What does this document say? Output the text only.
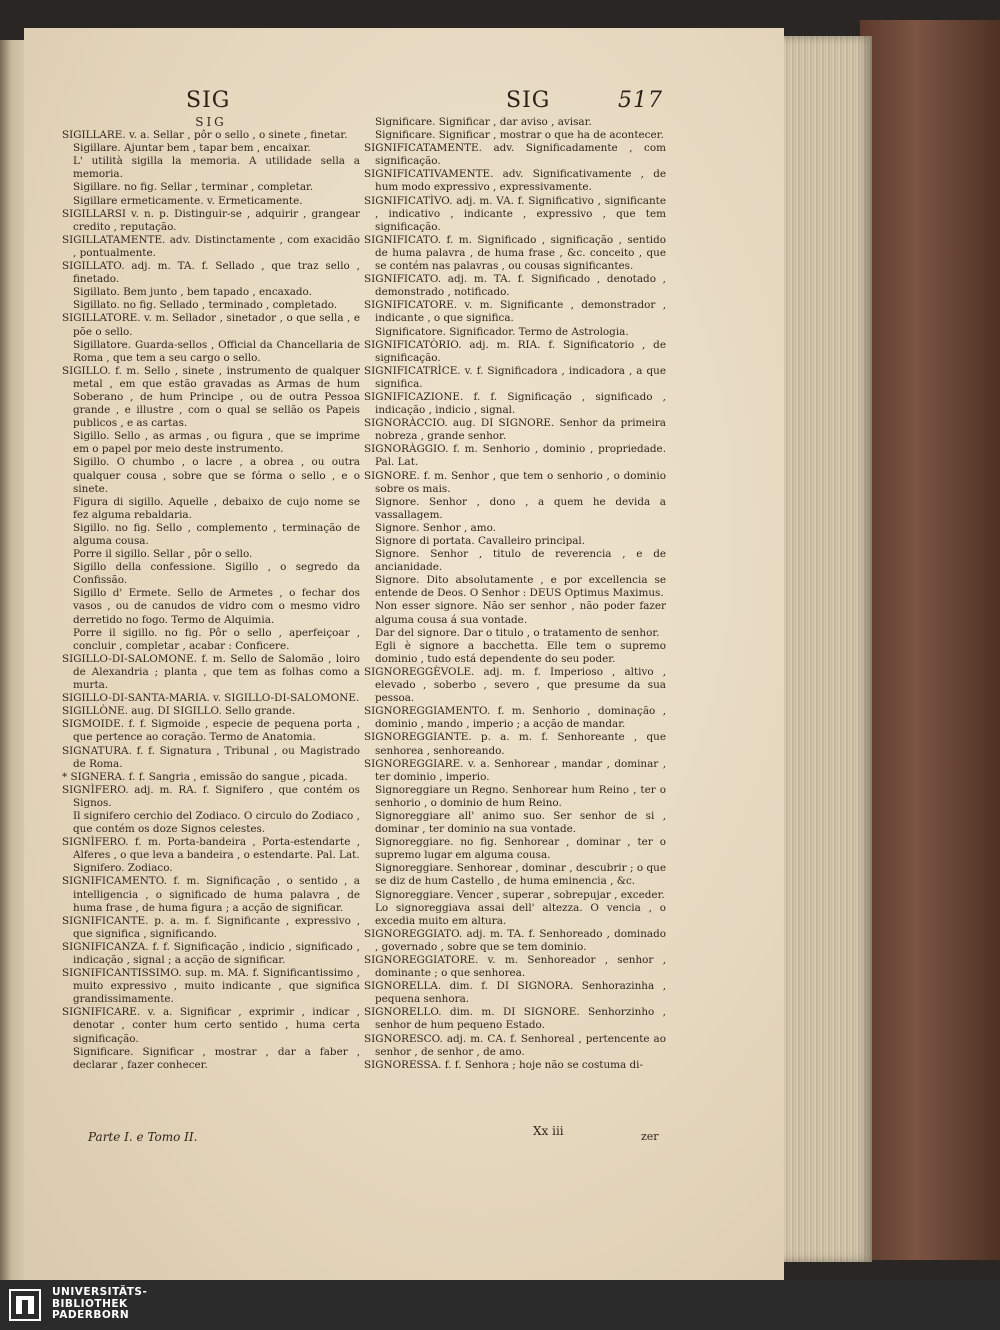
SIG	SIG	517
SIG

SIGILLARE. v. a. Sellar , pôr o sello , o sinete , finetar.

Sigillare. Ajuntar bem , tapar bem , encaixar.

L' utilità sigilla la memoria. A utilidade sella a memoria.

Sigillare. no fig. Sellar , terminar , completar.

Sigillare ermeticamente. v. Ermeticamente.

SIGILLARSI v. n. p. Distinguir-se , adquirir , grangear credito , reputação.

SIGILLATAMENTE. adv. Distinctamente , com exacidão , pontualmente.

SIGILLATO. adj. m. TA. f. Sellado , que traz sello , finetado.

Sigillato. Bem junto , bem tapado , encaxado.

Sigillato. no fig. Sellado , terminado , completado.

SIGILLATORE. v. m. Sellador , sinetador , o que sella , e põe o sello.

Sigillatore. Guarda-sellos , Official da Chancellaria de Roma , que tem a seu cargo o sello.

SIGILLO. f. m. Sello , sinete , instrumento de qualquer metal , em que estão gravadas as Armas de hum Soberano , de hum Principe , ou de outra Pessoa grande , e illustre , com o qual se sellão os Papeis publicos , e as cartas.

Sigillo. Sello , as armas , ou figura , que se imprime em o papel por meio deste instrumento.

Sigillo. O chumbo , o lacre , a obrea , ou outra qualquer cousa , sobre que se fórma o sello , e o sinete.

Figura di sigillo. Aquelle , debaixo de cujo nome se fez alguma rebaldaria.

Sigillo. no fig. Sello , complemento , terminação de alguma cousa.

Porre il sigillo. Sellar , pôr o sello.

Sigillo della confessione. Sigillo , o segredo da Confissão.

Sigillo d' Ermete. Sello de Armetes , o fechar dos vasos , ou de canudos de vidro com o mesmo vidro derretido no fogo. Termo de Alquimia.

Porre il sigillo. no fig. Pôr o sello , aperfeiçoar , concluir , completar , acabar : Conficere.

SIGILLO-DI-SALOMONE. f. m. Sello de Salomão , loiro de Alexandria ; planta , que tem as folhas como a murta.

SIGILLO-DI-SANTA-MARIA. v. SIGILLO-DI-SALOMONE.

SIGILLÒNE. aug. DI SIGILLO. Sello grande.

SIGMOIDE. f. f. Sigmoide , especie de pequena porta , que pertence ao coração. Termo de Anatomia.

SIGNATURA. f. f. Signatura , Tribunal , ou Magistrado de Roma.

* SIGNERA. f. f. Sangria , emissão do sangue , picada.

SIGNÌFERO. adj. m. RA. f. Signifero , que contém os Signos.

Il signifero cerchio del Zodiaco. O circulo do Zodiaco , que contém os doze Signos celestes.

SIGNÌFERO. f. m. Porta-bandeira , Porta-estendarte , Alferes , o que leva a bandeira , o estendarte. Pal. Lat.

Signifero. Zodiaco.

SIGNIFICAMENTO. f. m. Significação , o sentido , a intelligencia , o significado de huma palavra , de huma frase , de huma figura ; a acção de significar.

SIGNIFICANTE. p. a. m. f. Significante , expressivo , que significa , significando.

SIGNIFICANZA. f. f. Significação , indicio , significado , indicação , signal ; a acção de significar.

SIGNIFICANTISSIMO. sup. m. MA. f. Significantissimo , muito expressivo , muito indicante , que significa grandissimamente.

SIGNIFICARE. v. a. Significar , exprimir , indicar , denotar , conter hum certo sentido , huma certa significação.

Significare. Significar , mostrar , dar a faber , declarar , fazer conhecer.

Significare. Significar , dar aviso , avisar.

Significare. Significar , mostrar o que ha de acontecer.

SIGNIFICATAMENTE. adv. Significadamente , com significação.

SIGNIFICATIVAMENTE. adv. Significativamente , de hum modo expressivo , expressivamente.

SIGNIFICATÌVO. adj. m. VA. f. Significativo , significante , indicativo , indicante , expressivo , que tem significação.

SIGNIFICATO. f. m. Significado , significação , sentido de huma palavra , de huma frase , &c. conceito , que se contém nas palavras , ou cousas significantes.

SIGNIFICATO. adj. m. TA. f. Significado , denotado , demonstrado , notificado.

SIGNIFICATORE. v. m. Significante , demonstrador , indicante , o que significa.

Significatore. Significador. Termo de Astrologia.

SIGNIFICATÒRIO. adj. m. RIA. f. Significatorio , de significação.

SIGNIFICATRÌCE. v. f. Significadora , indicadora , a que significa.

SIGNIFICAZIONE. f. f. Significação , significado , indicação , indicio , signal.

SIGNORÀCCIO. aug. DI SIGNORE. Senhor da primeira nobreza , grande senhor.

SIGNORÀGGIO. f. m. Senhorio , dominio , propriedade. Pal. Lat.

SIGNORE. f. m. Senhor , que tem o senhorio , o dominio sobre os mais.

Signore. Senhor , dono , a quem he devida a vassallagem.

Signore. Senhor , amo.

Signore di portata. Cavalleiro principal.

Signore. Senhor , titulo de reverencia , e de ancianidade.

Signore. Dito absolutamente , e por excellencia se entende de Deos. O Senhor : DEUS Optimus Maximus.

Non esser signore. Não ser senhor , não poder fazer alguma cousa á sua vontade.

Dar del signore. Dar o titulo , o tratamento de senhor.

Egli è signore a bacchetta. Elle tem o supremo dominio , tudo está dependente do seu poder.

SIGNOREGGÈVOLE. adj. m. f. Imperioso , altivo , elevado , soberbo , severo , que presume da sua pessoa.

SIGNOREGGIAMENTO. f. m. Senhorio , dominação , dominio , mando , imperio ; a acção de mandar.

SIGNOREGGIANTE. p. a. m. f. Senhoreante , que senhorea , senhoreando.

SIGNOREGGIARE. v. a. Senhorear , mandar , dominar , ter dominio , imperio.

Signoreggiare un Regno. Senhorear hum Reino , ter o senhorio , o dominio de hum Reino.

Signoreggiare all' animo suo. Ser senhor de si , dominar , ter dominio na sua vontade.

Signoreggiare. no fig. Senhorear , dominar , ter o supremo lugar em alguma cousa.

Signoreggiare. Senhorear , dominar , descubrir ; o que se diz de hum Castello , de huma eminencia , &c.

Signoreggiare. Vencer , superar , sobrepujar , exceder.

Lo signoreggiava assai dell' altezza. O vencia , o excedia muito em altura.

SIGNOREGGIATO. adj. m. TA. f. Senhoreado , dominado , governado , sobre que se tem dominio.

SIGNOREGGIATORE. v. m. Senhoreador , senhor , dominante ; o que senhorea.

SIGNORELLA. dim. f. DI SIGNORA. Senhorazinha , pequena senhora.

SIGNORELLO. dim. m. DI SIGNORE. Senhorzinho , senhor de hum pequeno Estado.

SIGNORESCO. adj. m. CA. f. Senhoreal , pertencente ao senhor , de senhor , de amo.

SIGNORESSA. f. f. Senhora ; hoje não se costuma di-

Parte I. e Tomo II.	Xx iii	zer
UNIVERSITÄTS-
BIBLIOTHEK
PADERBORN
